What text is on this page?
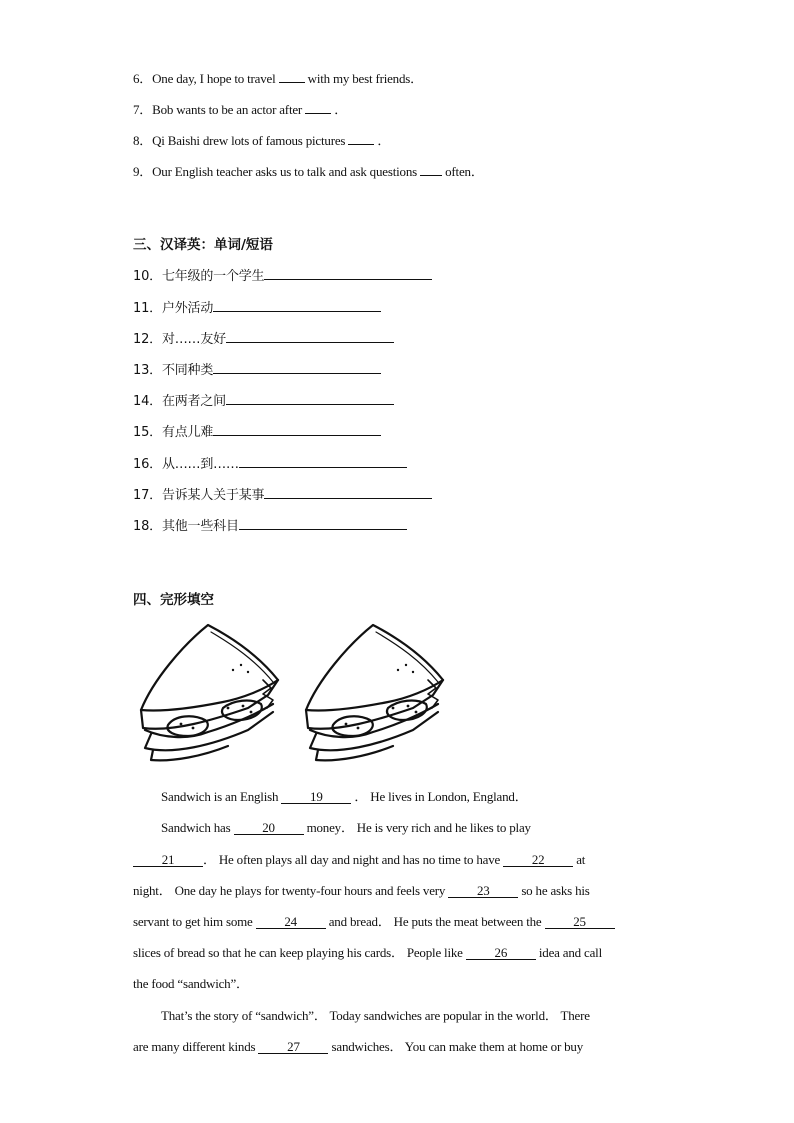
6．One day, I hope to travel with my best friends．
7．Bob wants to be an actor after ．
8．Qi Baishi drew lots of famous pictures ．
9．Our English teacher asks us to talk and ask questions often．
三、汉译英：单词/短语
10．七年级的一个学生
11．户外活动
12．对……友好
13．不同种类
14．在两者之间
15．有点儿难
16．从……到……
17．告诉某人关于某事
18．其他一些科目
四、完形填空
Sandwich is an English 19 ． He lives in London, England．
Sandwich has 20 money． He is very rich and he likes to play
21 ． He often plays all day and night and has no time to have 22 at
night． One day he plays for twenty-four hours and feels very 23 so he asks his
servant to get him some 24 and bread． He puts the meat between the 25
slices of bread so that he can keep playing his cards． People like 26 idea and call
the food “sandwich”．
That’s the story of “sandwich”． Today sandwiches are popular in the world． There
are many different kinds 27 sandwiches． You can make them at home or buy
